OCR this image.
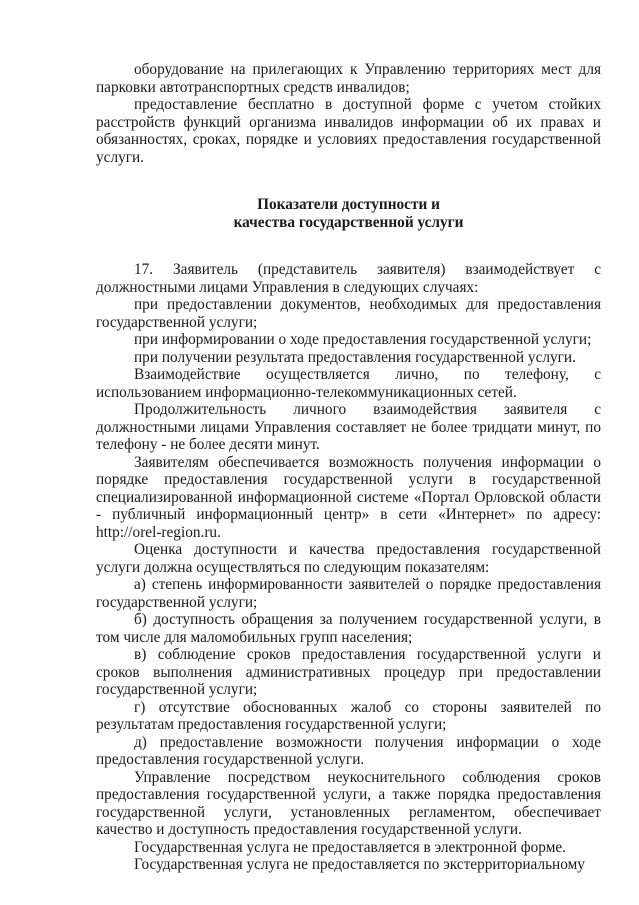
оборудование на прилегающих к Управлению территориях мест для парковки автотранспортных средств инвалидов;

предоставление бесплатно в доступной форме с учетом стойких расстройств функций организма инвалидов информации об их правах и обязанностях, сроках, порядке и условиях предоставления государственной услуги.

Показатели доступности и
качества государственной услуги

17. Заявитель (представитель заявителя) взаимодействует с должностными лицами Управления в следующих случаях:

при предоставлении документов, необходимых для предоставления государственной услуги;

при информировании о ходе предоставления государственной услуги;

при получении результата предоставления государственной услуги.

Взаимодействие осуществляется лично, по телефону, с использованием информационно-телекоммуникационных сетей.

Продолжительность личного взаимодействия заявителя с должностными лицами Управления составляет не более тридцати минут, по телефону - не более десяти минут.

Заявителям обеспечивается возможность получения информации о порядке предоставления государственной услуги в государственной специализированной информационной системе «Портал Орловской области - публичный информационный центр» в сети «Интернет» по адресу: http://orel-region.ru.

Оценка доступности и качества предоставления государственной услуги должна осуществляться по следующим показателям:

а) степень информированности заявителей о порядке предоставления государственной услуги;

б) доступность обращения за получением государственной услуги, в том числе для маломобильных групп населения;

в) соблюдение сроков предоставления государственной услуги и сроков выполнения административных процедур при предоставлении государственной услуги;

г) отсутствие обоснованных жалоб со стороны заявителей по результатам предоставления государственной услуги;

д) предоставление возможности получения информации о ходе предоставления государственной услуги.

Управление посредством неукоснительного соблюдения сроков предоставления государственной услуги, а также порядка предоставления государственной услуги, установленных регламентом, обеспечивает качество и доступность предоставления государственной услуги.

Государственная услуга не предоставляется в электронной форме.

Государственная услуга не предоставляется по экстерриториальному
